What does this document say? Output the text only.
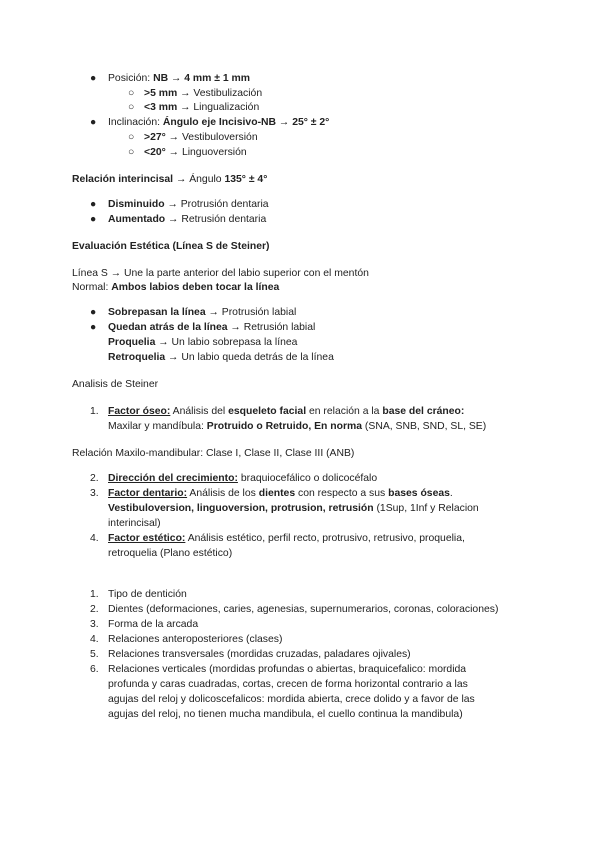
● Posición: NB → 4 mm ± 1 mm
○ >5 mm → Vestibulización
○ <3 mm → Lingualización
● Inclinación: Ángulo eje Incisivo-NB → 25° ± 2°
○ >27° → Vestibuloversión
○ <20° → Linguoversión
Relación interincisal → Ángulo 135° ± 4°
● Disminuido → Protrusión dentaria
● Aumentado → Retrusión dentaria
Evaluación Estética (Línea S de Steiner)
Línea S → Une la parte anterior del labio superior con el mentón
Normal: Ambos labios deben tocar la línea
● Sobrepasan la línea → Protrusión labial
● Quedan atrás de la línea → Retrusión labial
Proquelia → Un labio sobrepasa la línea
Retroquelia → Un labio queda detrás de la línea
Analisis de Steiner
1. Factor óseo: Análisis del esqueleto facial en relación a la base del cráneo:
Maxilar y mandíbula: Protruido o Retruido, En norma (SNA, SNB, SND, SL, SE)
Relación Maxilo-mandibular: Clase I, Clase II, Clase III (ANB)
2. Dirección del crecimiento: braquiocefálico o dolicocéfalo
3. Factor dentario: Análisis de los dientes con respecto a sus bases óseas.
Vestibuloversion, linguoversion, protrusion, retrusión (1Sup, 1Inf y Relacion
interincisal)
4. Factor estético: Análisis estético, perfil recto, protrusivo, retrusivo, proquelia,
retroquelia (Plano estético)
1. Tipo de dentición
2. Dientes (deformaciones, caries, agenesias, supernumerarios, coronas, coloraciones)
3. Forma de la arcada
4. Relaciones anteroposteriores (clases)
5. Relaciones transversales (mordidas cruzadas, paladares ojivales)
6. Relaciones verticales (mordidas profundas o abiertas, braquicefalico: mordida
profunda y caras cuadradas, cortas, crecen de forma horizontal contrario a las
agujas del reloj y dolicoscefalicos: mordida abierta, crece dolido y a favor de las
agujas del reloj, no tienen mucha mandibula, el cuello continua la mandibula)
